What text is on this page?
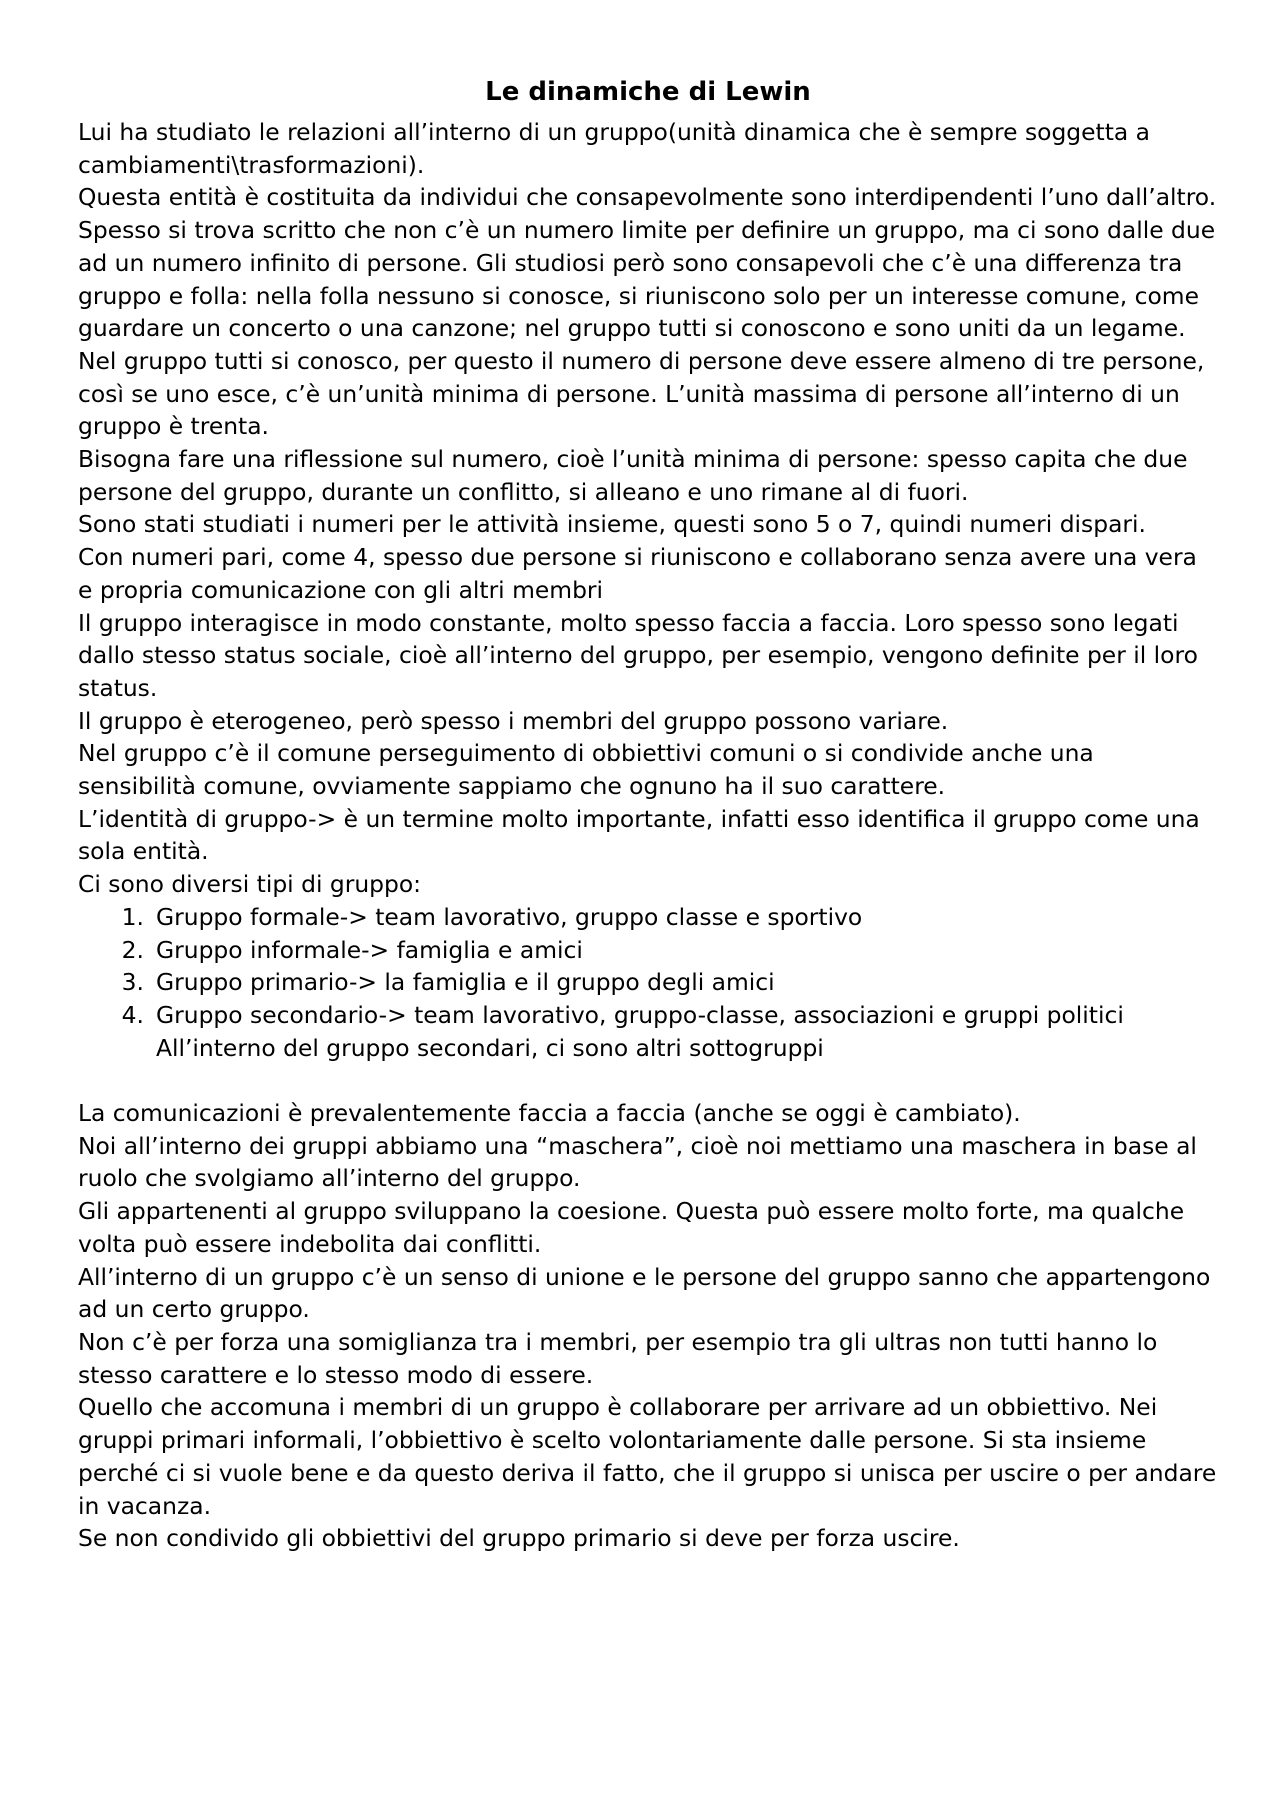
Le dinamiche di Lewin

Lui ha studiato le relazioni all’interno di un gruppo(unità dinamica che è sempre soggetta a cambiamenti\trasformazioni).

Questa entità è costituita da individui che consapevolmente sono interdipendenti l’uno dall’altro.

Spesso si trova scritto che non c’è un numero limite per definire un gruppo, ma ci sono dalle due ad un numero infinito di persone. Gli studiosi però sono consapevoli che c’è una differenza tra gruppo e folla: nella folla nessuno si conosce, si riuniscono solo per un interesse comune, come guardare un concerto o una canzone; nel gruppo tutti si conoscono e sono uniti da un legame.

Nel gruppo tutti si conosco, per questo il numero di persone deve essere almeno di tre persone, così se uno esce, c’è un’unità minima di persone. L’unità massima di persone all’interno di un gruppo è trenta.

Bisogna fare una riflessione sul numero, cioè l’unità minima di persone: spesso capita che due persone del gruppo, durante un conflitto, si alleano e uno rimane al di fuori.

Sono stati studiati i numeri per le attività insieme, questi sono 5 o 7, quindi numeri dispari.

Con numeri pari, come 4, spesso due persone si riuniscono e collaborano senza avere una vera e propria comunicazione con gli altri membri

Il gruppo interagisce in modo constante, molto spesso faccia a faccia. Loro spesso sono legati dallo stesso status sociale, cioè all’interno del gruppo, per esempio, vengono definite per il loro status.

Il gruppo è eterogeneo, però spesso i membri del gruppo possono variare.

Nel gruppo c’è il comune perseguimento di obbiettivi comuni o si condivide anche una sensibilità comune, ovviamente sappiamo che ognuno ha il suo carattere.

L’identità di gruppo-> è un termine molto importante, infatti esso identifica il gruppo come una sola entità.

Ci sono diversi tipi di gruppo:

1. Gruppo formale-> team lavorativo, gruppo classe e sportivo
2. Gruppo informale-> famiglia e amici
3. Gruppo primario-> la famiglia e il gruppo degli amici
4. Gruppo secondario-> team lavorativo, gruppo-classe, associazioni e gruppi politici

All’interno del gruppo secondari, ci sono altri sottogruppi

La comunicazioni è prevalentemente faccia a faccia (anche se oggi è cambiato).

Noi all’interno dei gruppi abbiamo una “maschera”, cioè noi mettiamo una maschera in base al ruolo che svolgiamo all’interno del gruppo.

Gli appartenenti al gruppo sviluppano la coesione. Questa può essere molto forte, ma qualche volta può essere indebolita dai conflitti.

All’interno di un gruppo c’è un senso di unione e le persone del gruppo sanno che appartengono ad un certo gruppo.

Non c’è per forza una somiglianza tra i membri, per esempio tra gli ultras non tutti hanno lo stesso carattere e lo stesso modo di essere.

Quello che accomuna i membri di un gruppo è collaborare per arrivare ad un obbiettivo. Nei gruppi primari informali, l’obbiettivo è scelto volontariamente dalle persone. Si sta insieme perché ci si vuole bene e da questo deriva il fatto, che il gruppo si unisca per uscire o per andare in vacanza.

Se non condivido gli obbiettivi del gruppo primario si deve per forza uscire.
